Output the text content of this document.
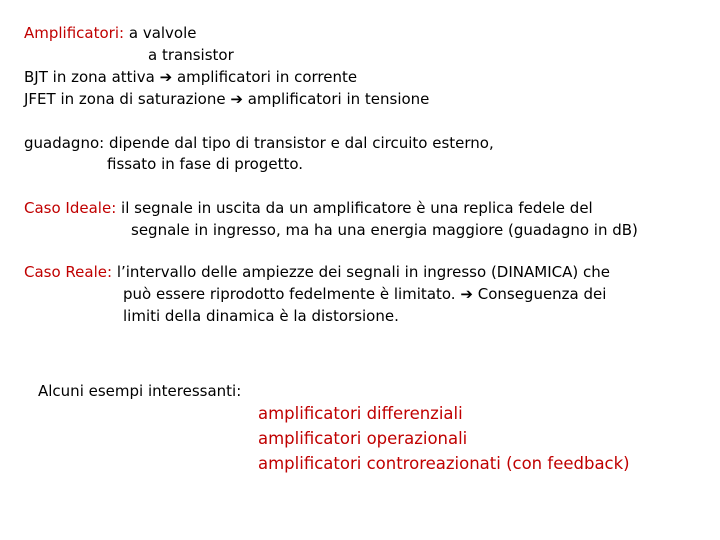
Amplificatori: a valvole
a transistor
BJT in zona attiva ➔ amplificatori in corrente
JFET in zona di saturazione ➔ amplificatori in tensione
guadagno: dipende dal tipo di transistor e dal circuito esterno,
fissato in fase di progetto.
Caso Ideale: il segnale in uscita da un amplificatore è una replica fedele del
segnale in ingresso, ma ha una energia maggiore (guadagno in dB)
Caso Reale: l’intervallo delle ampiezze dei segnali in ingresso (DINAMICA) che
può essere riprodotto fedelmente è limitato. ➔ Conseguenza dei
limiti della dinamica è la distorsione.
Alcuni esempi interessanti:
amplificatori differenziali
amplificatori operazionali
amplificatori controreazionati (con feedback)
